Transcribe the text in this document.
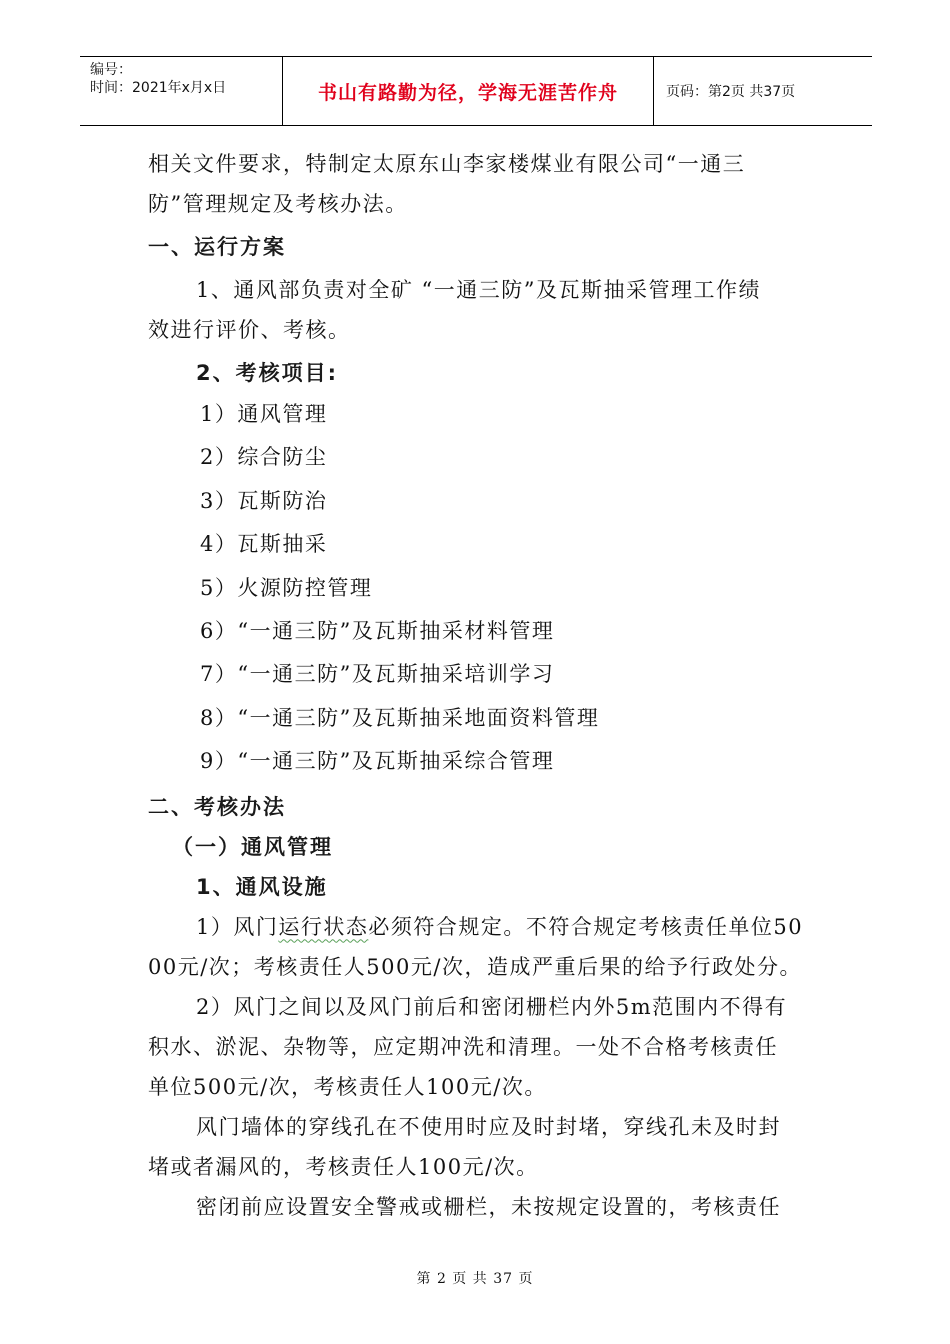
编号：
时间：2021年x月x日	书山有路勤为径，学海无涯苦作舟	页码：第2页 共37页

相关文件要求，特制定太原东山李家楼煤业有限公司“一通三

防”管理规定及考核办法。

一、运行方案

1、通风部负责对全矿 “一通三防”及瓦斯抽采管理工作绩

效进行评价、考核。

2、考核项目:

1）通风管理

2）综合防尘

3）瓦斯防治

4）瓦斯抽采

5）火源防控管理

6）“一通三防”及瓦斯抽采材料管理

7）“一通三防”及瓦斯抽采培训学习

8）“一通三防”及瓦斯抽采地面资料管理

9）“一通三防”及瓦斯抽采综合管理

二、考核办法

（一）通风管理

1、通风设施

1）风门运行状态必须符合规定。不符合规定考核责任单位50

00元/次；考核责任人500元/次，造成严重后果的给予行政处分。

2）风门之间以及风门前后和密闭栅栏内外5m范围内不得有

积水、淤泥、杂物等，应定期冲洗和清理。一处不合格考核责任

单位500元/次，考核责任人100元/次。

风门墙体的穿线孔在不使用时应及时封堵，穿线孔未及时封

堵或者漏风的，考核责任人100元/次。

密闭前应设置安全警戒或栅栏，未按规定设置的，考核责任

第 2 页 共 37 页
